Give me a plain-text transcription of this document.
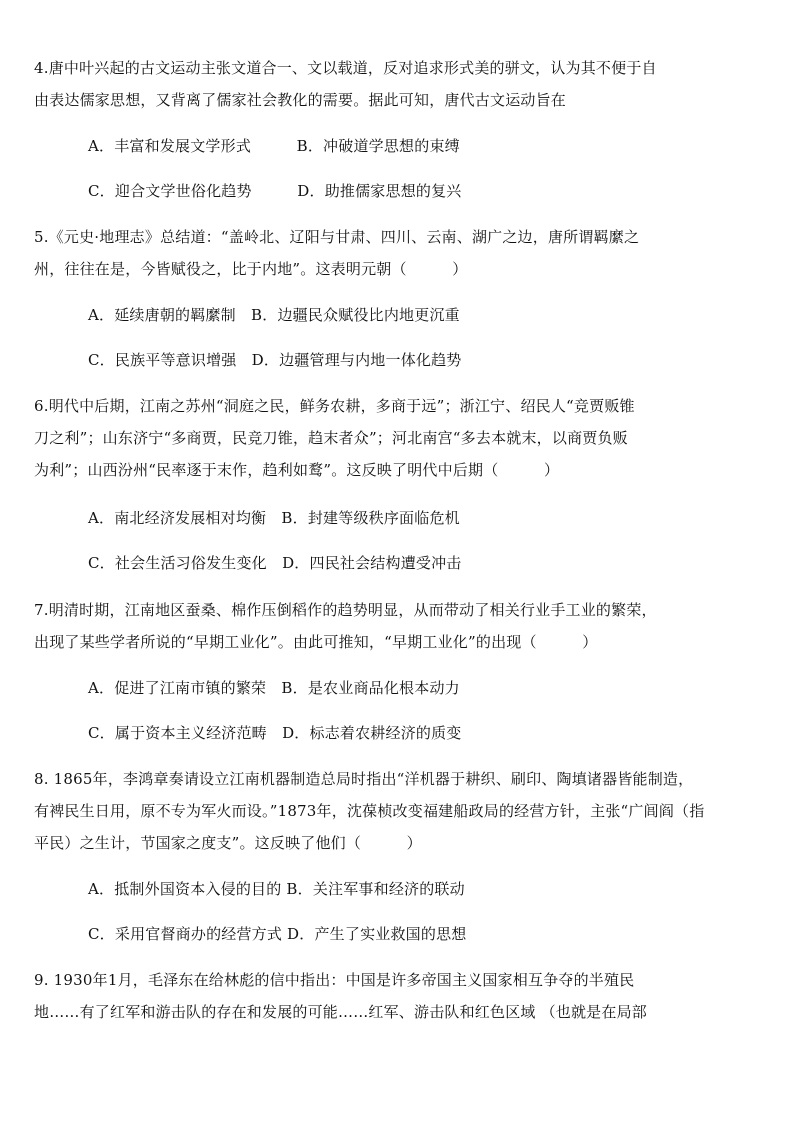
4.唐中叶兴起的古文运动主张文道合一、文以载道，反对追求形式美的骈文，认为其不便于自
由表达儒家思想，又背离了儒家社会教化的需要。据此可知，唐代古文运动旨在
A．丰富和发展文学形式　　　B．冲破道学思想的束缚
C．迎合文学世俗化趋势　　　D．助推儒家思想的复兴
5.《元史·地理志》总结道：“盖岭北、辽阳与甘肃、四川、云南、湖广之边，唐所谓羁縻之
州，往往在是，今皆赋役之，比于内地”。这表明元朝（　　　）
A．延续唐朝的羁縻制　B．边疆民众赋役比内地更沉重
C．民族平等意识增强　D．边疆管理与内地一体化趋势
6.明代中后期，江南之苏州“洞庭之民，鲜务农耕，多商于远”；浙江宁、绍民人“竞贾贩锥
刀之利”；山东济宁“多商贾，民竞刀锥，趋末者众”；河北南宫“多去本就末，以商贾负贩
为利”；山西汾州“民率逐于末作，趋利如鹜”。这反映了明代中后期（　　　）
A．南北经济发展相对均衡　B．封建等级秩序面临危机
C．社会生活习俗发生变化　D．四民社会结构遭受冲击
7.明清时期，江南地区蚕桑、棉作压倒稻作的趋势明显，从而带动了相关行业手工业的繁荣，
出现了某些学者所说的“早期工业化”。由此可推知，“早期工业化”的出现（　　　）
A．促进了江南市镇的繁荣　B．是农业商品化根本动力
C．属于资本主义经济范畴　D．标志着农耕经济的质变
8. 1865年，李鸿章奏请设立江南机器制造总局时指出“洋机器于耕织、刷印、陶填诸器皆能制造，
有裨民生日用，原不专为军火而设。”1873年，沈葆桢改变福建船政局的经营方针，主张“广闾阎（指
平民）之生计，节国家之度支”。这反映了他们（　　　）
A．抵制外国资本入侵的目的 B．关注军事和经济的联动
C．采用官督商办的经营方式 D．产生了实业救国的思想
9. 1930年1月，毛泽东在给林彪的信中指出：中国是许多帝国主义国家相互争夺的半殖民
地……有了红军和游击队的存在和发展的可能……红军、游击队和红色区域 （也就是在局部
